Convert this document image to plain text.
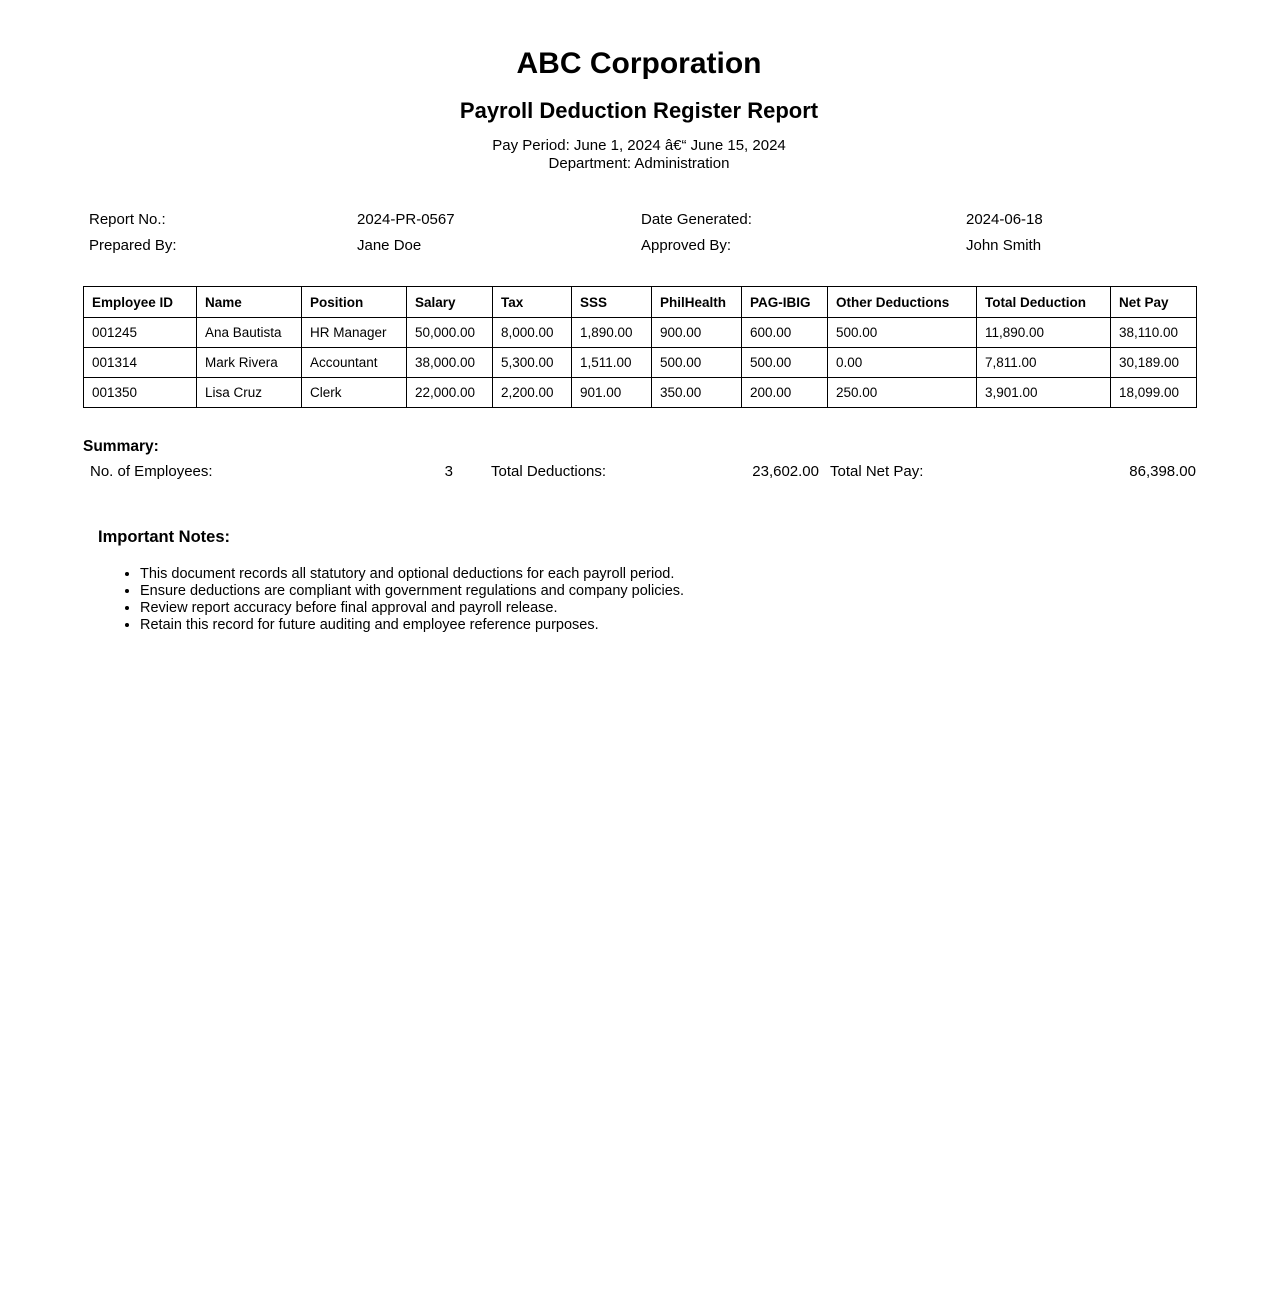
ABC Corporation
Payroll Deduction Register Report
Pay Period: June 1, 2024 â€“ June 15, 2024
Department: Administration
Report No.:	2024-PR-0567	Date Generated:	2024-06-18
Prepared By:	Jane Doe	Approved By:	John Smith
Employee ID	Name	Position	Salary	Tax	SSS	PhilHealth	PAG-IBIG	Other Deductions	Total Deduction	Net Pay
001245	Ana Bautista	HR Manager	50,000.00	8,000.00	1,890.00	900.00	600.00	500.00	11,890.00	38,110.00
001314	Mark Rivera	Accountant	38,000.00	5,300.00	1,511.00	500.00	500.00	0.00	7,811.00	30,189.00
001350	Lisa Cruz	Clerk	22,000.00	2,200.00	901.00	350.00	200.00	250.00	3,901.00	18,099.00
Summary:
No. of Employees:	3	Total Deductions:	23,602.00 Total Net Pay:	86,398.00
Important Notes:
• This document records all statutory and optional deductions for each payroll period.
• Ensure deductions are compliant with government regulations and company policies.
• Review report accuracy before final approval and payroll release.
• Retain this record for future auditing and employee reference purposes.
